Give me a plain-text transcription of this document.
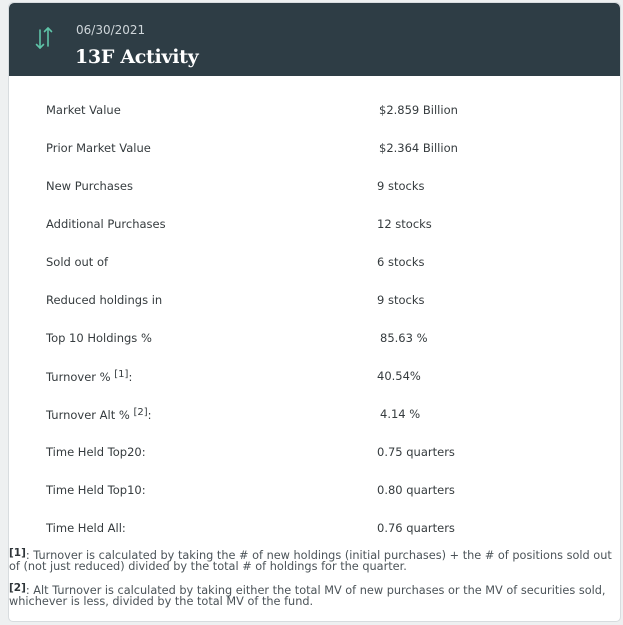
06/30/2021
13F Activity
Market Value	$2.859 Billion
Prior Market Value	$2.364 Billion
New Purchases	9 stocks
Additional Purchases	12 stocks
Sold out of	6 stocks
Reduced holdings in	9 stocks
Top 10 Holdings %	85.63 %
Turnover % [1]:	40.54%
Turnover Alt % [2]:	4.14 %
Time Held Top20:	0.75 quarters
Time Held Top10:	0.80 quarters
Time Held All:	0.76 quarters
[1]: Turnover is calculated by taking the # of new holdings (initial purchases) + the # of positions sold out of (not just reduced) divided by the total # of holdings for the quarter.
[2]: Alt Turnover is calculated by taking either the total MV of new purchases or the MV of securities sold, whichever is less, divided by the total MV of the fund.
